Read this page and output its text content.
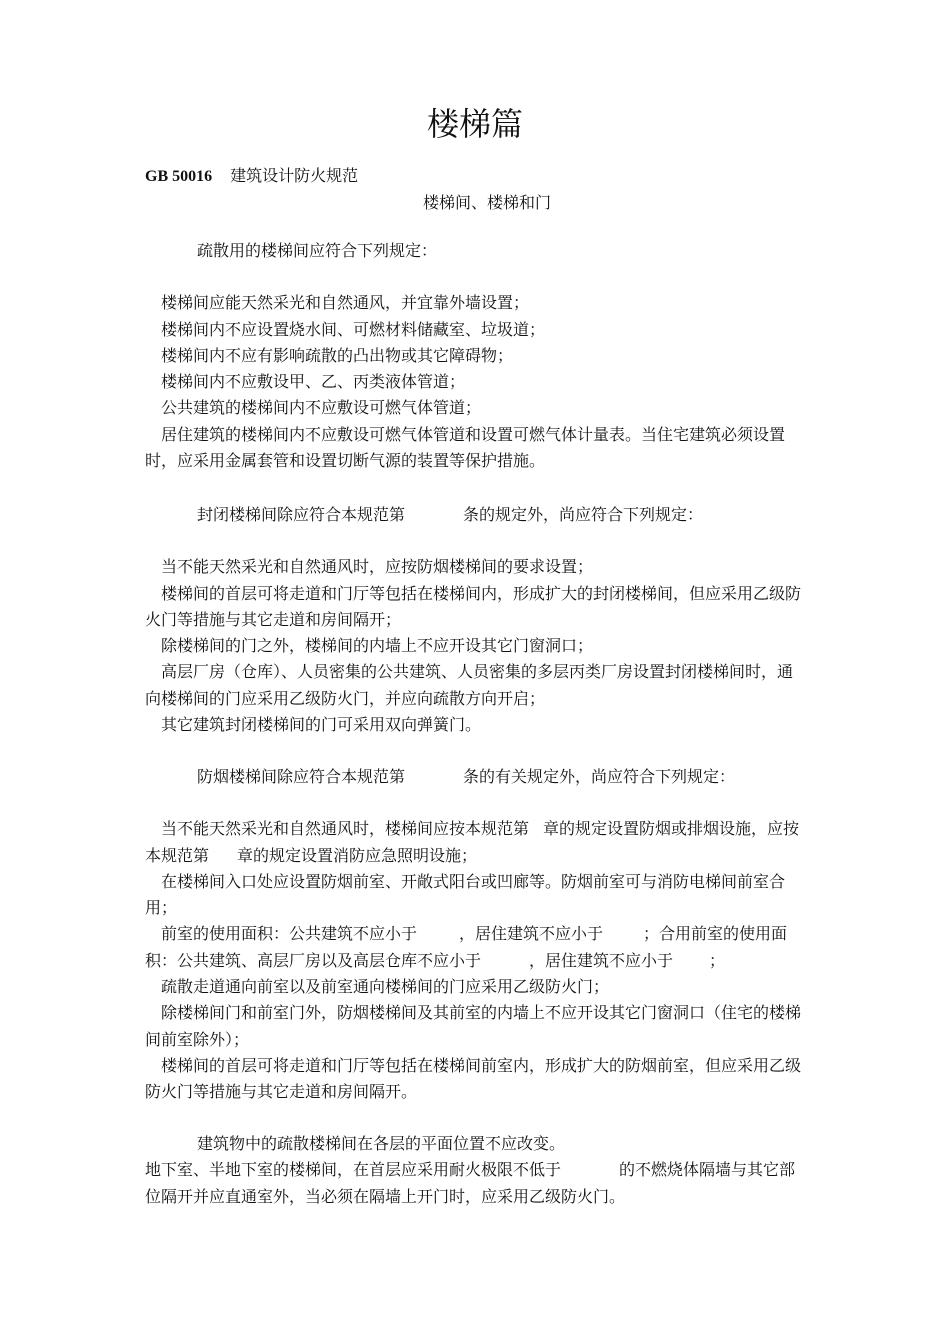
楼梯篇
GB 50016 建筑设计防火规范
楼梯间、楼梯和门

疏散用的楼梯间应符合下列规定：

楼梯间应能天然采光和自然通风，并宜靠外墙设置；

楼梯间内不应设置烧水间、可燃材料储藏室、垃圾道；

楼梯间内不应有影响疏散的凸出物或其它障碍物；

楼梯间内不应敷设甲、乙、丙类液体管道；

公共建筑的楼梯间内不应敷设可燃气体管道；

居住建筑的楼梯间内不应敷设可燃气体管道和设置可燃气体计量表。当住宅建筑必须设置时，应采用金属套管和设置切断气源的装置等保护措施。

封闭楼梯间除应符合本规范第	条的规定外，尚应符合下列规定：

当不能天然采光和自然通风时，应按防烟楼梯间的要求设置；

楼梯间的首层可将走道和门厅等包括在楼梯间内，形成扩大的封闭楼梯间，但应采用乙级防火门等措施与其它走道和房间隔开；

除楼梯间的门之外，楼梯间的内墙上不应开设其它门窗洞口；

高层厂房（仓库）、人员密集的公共建筑、人员密集的多层丙类厂房设置封闭楼梯间时，通向楼梯间的门应采用乙级防火门，并应向疏散方向开启；

其它建筑封闭楼梯间的门可采用双向弹簧门。

防烟楼梯间除应符合本规范第	条的有关规定外，尚应符合下列规定：

当不能天然采光和自然通风时，楼梯间应按本规范第 章的规定设置防烟或排烟设施，应按本规范第 章的规定设置消防应急照明设施；

在楼梯间入口处应设置防烟前室、开敞式阳台或凹廊等。防烟前室可与消防电梯间前室合用；

前室的使用面积：公共建筑不应小于	，居住建筑不应小于	；合用前室的使用面积：公共建筑、高层厂房以及高层仓库不应小于	，居住建筑不应小于 ；

疏散走道通向前室以及前室通向楼梯间的门应采用乙级防火门；

除楼梯间门和前室门外，防烟楼梯间及其前室的内墙上不应开设其它门窗洞口（住宅的楼梯间前室除外）；

楼梯间的首层可将走道和门厅等包括在楼梯间前室内，形成扩大的防烟前室，但应采用乙级防火门等措施与其它走道和房间隔开。

建筑物中的疏散楼梯间在各层的平面位置不应改变。

地下室、半地下室的楼梯间，在首层应采用耐火极限不低于	的不燃烧体隔墙与其它部位隔开并应直通室外，当必须在隔墙上开门时，应采用乙级防火门。
